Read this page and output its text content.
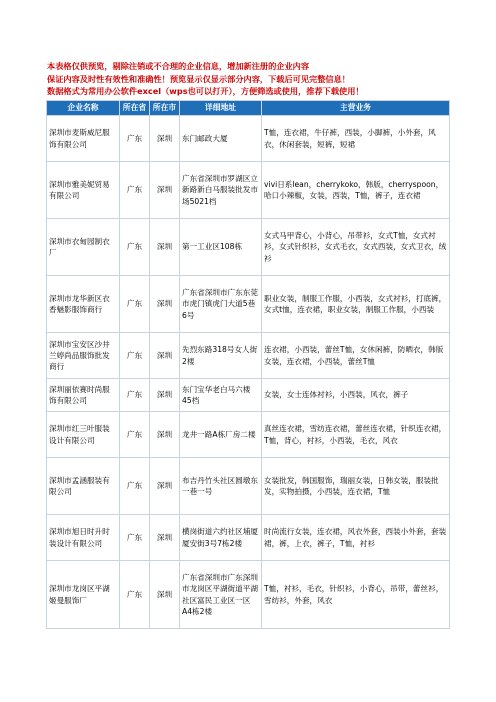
本表格仅供预览，剔除注销或不合理的企业信息，增加新注册的企业内容
保证内容及时性有效性和准确性！预览显示仅显示部分内容，下载后可见完整信息！
数据格式为常用办公软件excel（wps也可以打开），方便筛选或使用，推荐下载使用！
企业名称	所在省	所在市	详细地址	主营业务
深圳市麦斯威尼服饰有限公司	广东	深圳	东门邮政大厦	T恤，连衣裙，牛仔裤，西装，小脚裤，小外套，风衣，休闲套装，短裤，短裙
深圳市雅美妮贸易有限公司	广东	深圳	广东省深圳市罗湖区立新路新白马服装批发市场5021档	vivi日系lean，cherrykoko，韩版，cherryspoon，哈口小辣椒，女装，西装，T恤，裤子，连衣裙
深圳市衣甸园制衣厂	广东	深圳	第一工业区108栋	女式马甲背心，小背心，吊带衫，女式T恤，女式衬衫，女式针织衫，女式毛衣，女式西装，女式卫衣，绒衫
深圳市龙华新区衣香魅影服饰商行	广东	深圳	广东省深圳市广东东莞市虎门镇虎门大道5巷6号	职业女装，制服工作服，小西装，女式衬衫，打底裤，女式t恤，连衣裙，职业女装，制服工作服，小西装
深圳市宝安区沙井兰婷尚品服饰批发商行	广东	深圳	先烈东路318号女人街2楼	连衣裙，小西装，蕾丝T恤，女休闲裤，防晒衣，韩版女装，连衣裙，小西装，蕾丝T恤
深圳丽依赛时尚服饰有限公司	广东	深圳	东门宝华老白马六楼45档	女装，女士连体衬衫，小西装，风衣，裤子
深圳市红三叶服装设计有限公司	广东	深圳	龙井一路A栋厂房二楼	真丝连衣裙，雪纺连衣裙，蕾丝连衣裙，针织连衣裙，T恤，背心，衬衫，小西装，毛衣，风衣
深圳市孟涵服装有限公司	广东	深圳	布吉丹竹头社区圆墩东一巷一号	女装批发，韩国服饰，瑞丽女装，日韩女装，服装批发，实物拍摄，小西装，连衣裙，T恤
深圳市旭日时升时装设计有限公司	广东	深圳	横岗街道六约社区埔厦厦安街3号7栋2楼	时尚流行女装，连衣裙，风衣外套，西装小外套，套装裙，裤，上衣，裤子，T恤，衬衫
深圳市龙岗区平湖姬曼服饰厂	广东	深圳	广东省深圳市广东深圳市龙岗区平湖街道平湖社区富民工业区一区A4栋2楼	T恤，衬衫，毛衣，针织衫，小背心，吊带，蕾丝衫，雪纺衫，外套，风衣
